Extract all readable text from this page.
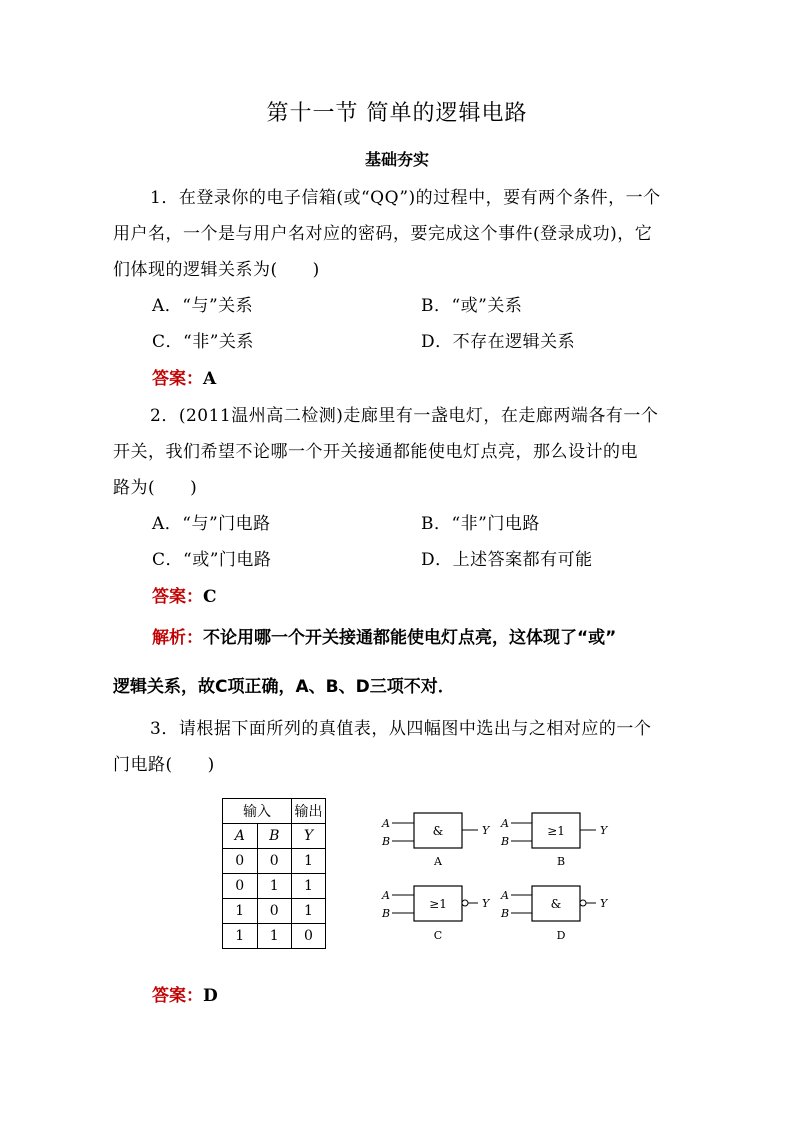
第十一节 简单的逻辑电路
基础夯实
1．在登录你的电子信箱(或“QQ”)的过程中，要有两个条件，一个
用户名，一个是与用户名对应的密码，要完成这个事件(登录成功)，它
们体现的逻辑关系为(　　)
A．“与”关系	B．“或”关系
C．“非”关系	D．不存在逻辑关系
答案：A
2．(2011温州高二检测)走廊里有一盏电灯，在走廊两端各有一个
开关，我们希望不论哪一个开关接通都能使电灯点亮，那么设计的电
路为(　　)
A．“与”门电路	B．“非”门电路
C．“或”门电路	D．上述答案都有可能
答案：C
解析：不论用哪一个开关接通都能使电灯点亮，这体现了“或”
逻辑关系，故C项正确，A、B、D三项不对．
3．请根据下面所列的真值表，从四幅图中选出与之相对应的一个
门电路(　　)
输入		输出
A	B	Y
0	0	1
0	1	1
1	0	1
1	1	0
A
B
&	Y
A
A
B
≥1	Y
B
A
B
≥1	Y
C
A
B
&	Y
D
答案：D
